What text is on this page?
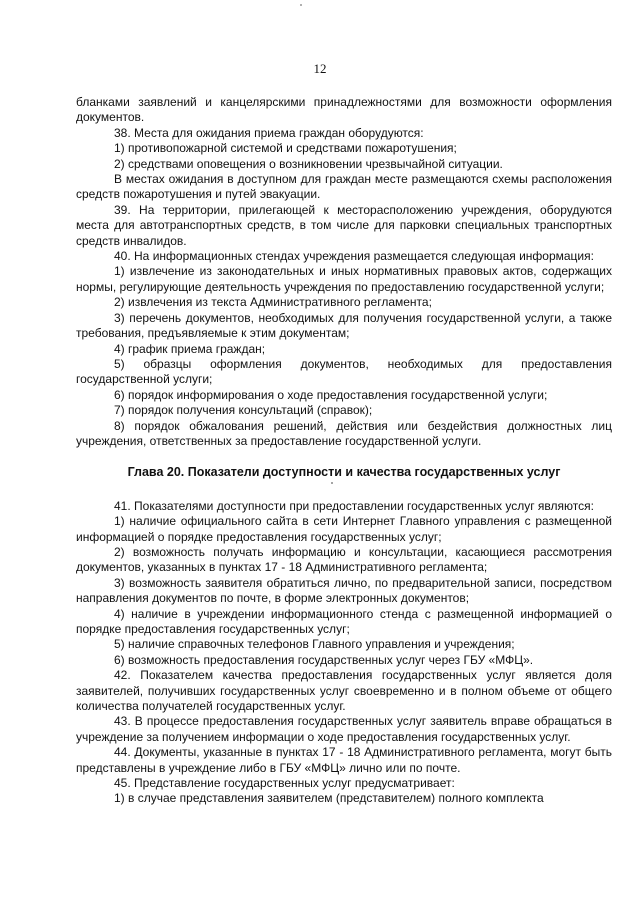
12

бланками заявлений и канцелярскими принадлежностями для возможности оформления документов.

38. Места для ожидания приема граждан оборудуются:

1) противопожарной системой и средствами пожаротушения;

2) средствами оповещения о возникновении чрезвычайной ситуации.

В местах ожидания в доступном для граждан месте размещаются схемы расположения средств пожаротушения и путей эвакуации.

39. На территории, прилегающей к месторасположению учреждения, оборудуются места для автотранспортных средств, в том числе для парковки специальных транспортных средств инвалидов.

40. На информационных стендах учреждения размещается следующая информация:

1) извлечение из законодательных и иных нормативных правовых актов, содержащих нормы, регулирующие деятельность учреждения по предоставлению государственной услуги;

2) извлечения из текста Административного регламента;

3) перечень документов, необходимых для получения государственной услуги, а также требования, предъявляемые к этим документам;

4) график приема граждан;

5) образцы оформления документов, необходимых для предоставления государственной услуги;

6) порядок информирования о ходе предоставления государственной услуги;

7) порядок получения консультаций (справок);

8) порядок обжалования решений, действия или бездействия должностных лиц учреждения, ответственных за предоставление государственной услуги.

Глава 20. Показатели доступности и качества государственных услуг

41. Показателями доступности при предоставлении государственных услуг являются:

1) наличие официального сайта в сети Интернет Главного управления с размещенной информацией о порядке предоставления государственных услуг;

2) возможность получать информацию и консультации, касающиеся рассмотрения документов, указанных в пунктах 17 - 18 Административного регламента;

3) возможность заявителя обратиться лично, по предварительной записи, посредством направления документов по почте, в форме электронных документов;

4) наличие в учреждении информационного стенда с размещенной информацией о порядке предоставления государственных услуг;

5) наличие справочных телефонов Главного управления и учреждения;

6) возможность предоставления государственных услуг через ГБУ «МФЦ».

42. Показателем качества предоставления государственных услуг является доля заявителей, получивших государственных услуг своевременно и в полном объеме от общего количества получателей государственных услуг.

43. В процессе предоставления государственных услуг заявитель вправе обращаться в учреждение за получением информации о ходе предоставления государственных услуг.

44. Документы, указанные в пунктах 17 - 18 Административного регламента, могут быть представлены в учреждение либо в ГБУ «МФЦ» лично или по почте.

45. Представление государственных услуг предусматривает:

1) в случае представления заявителем (представителем) полного комплекта
